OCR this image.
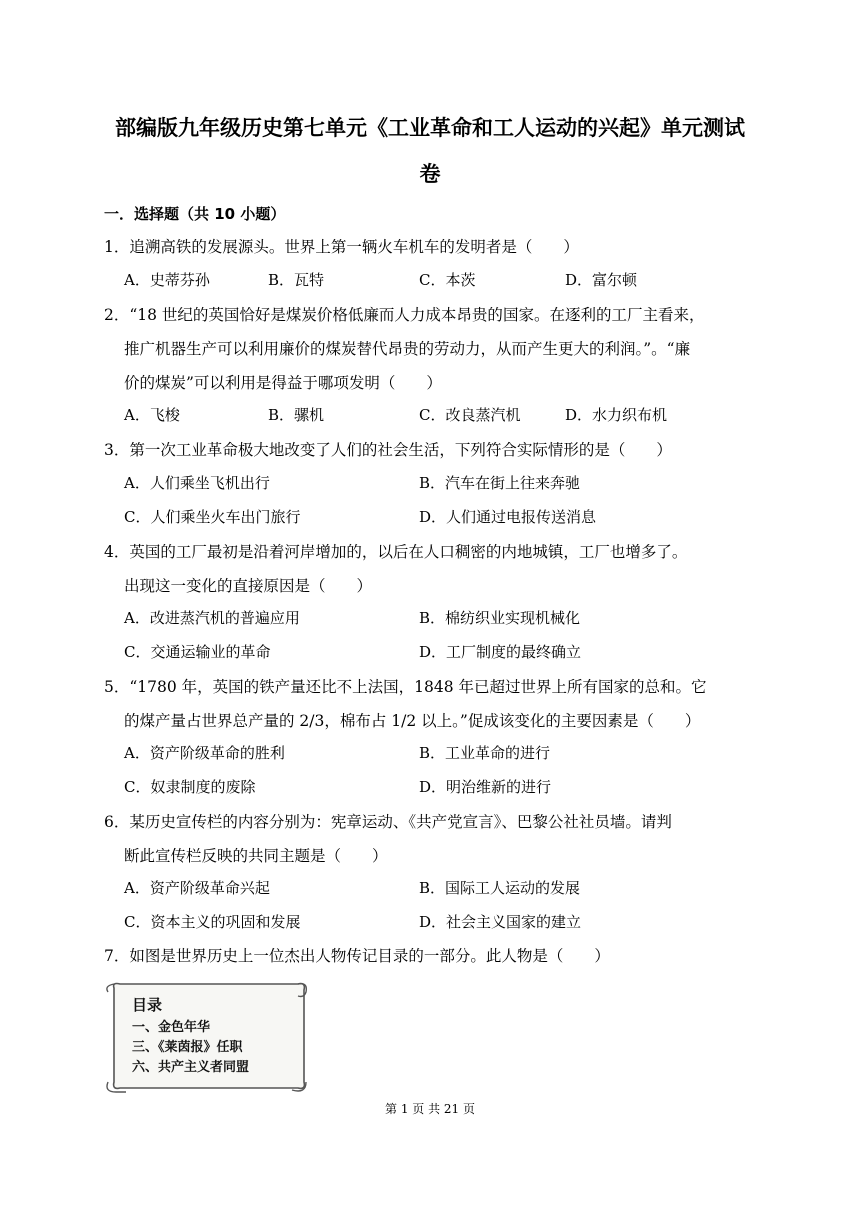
部编版九年级历史第七单元《工业革命和工人运动的兴起》单元测试
卷
一．选择题（共 10 小题）
1．追溯高铁的发展源头。世界上第一辆火车机车的发明者是（　　）
A．史蒂芬孙	B．瓦特	C．本茨	D．富尔顿
2．“18 世纪的英国恰好是煤炭价格低廉而人力成本昂贵的国家。在逐利的工厂主看来，
推广机器生产可以利用廉价的煤炭替代昂贵的劳动力，从而产生更大的利润。”。“廉
价的煤炭”可以利用是得益于哪项发明（　　）
A．飞梭	B．骡机	C．改良蒸汽机	D．水力织布机
3．第一次工业革命极大地改变了人们的社会生活，下列符合实际情形的是（　　）
A．人们乘坐飞机出行	B．汽车在街上往来奔驰
C．人们乘坐火车出门旅行	D．人们通过电报传送消息
4．英国的工厂最初是沿着河岸增加的，以后在人口稠密的内地城镇，工厂也增多了。
出现这一变化的直接原因是（　　）
A．改进蒸汽机的普遍应用	B．棉纺织业实现机械化
C．交通运输业的革命	D．工厂制度的最终确立
5．“1780 年，英国的铁产量还比不上法国，1848 年已超过世界上所有国家的总和。它
的煤产量占世界总产量的 2/3，棉布占 1/2 以上。”促成该变化的主要因素是（　　）
A．资产阶级革命的胜利	B．工业革命的进行
C．奴隶制度的废除	D．明治维新的进行
6．某历史宣传栏的内容分别为：宪章运动、《共产党宣言》、巴黎公社社员墙。请判
断此宣传栏反映的共同主题是（　　）
A．资产阶级革命兴起	B．国际工人运动的发展
C．资本主义的巩固和发展	D．社会主义国家的建立
7．如图是世界历史上一位杰出人物传记目录的一部分。此人物是（　　）
目录
一、金色年华
三、《莱茵报》任职
六、共产主义者同盟
第 1 页 共 21 页
